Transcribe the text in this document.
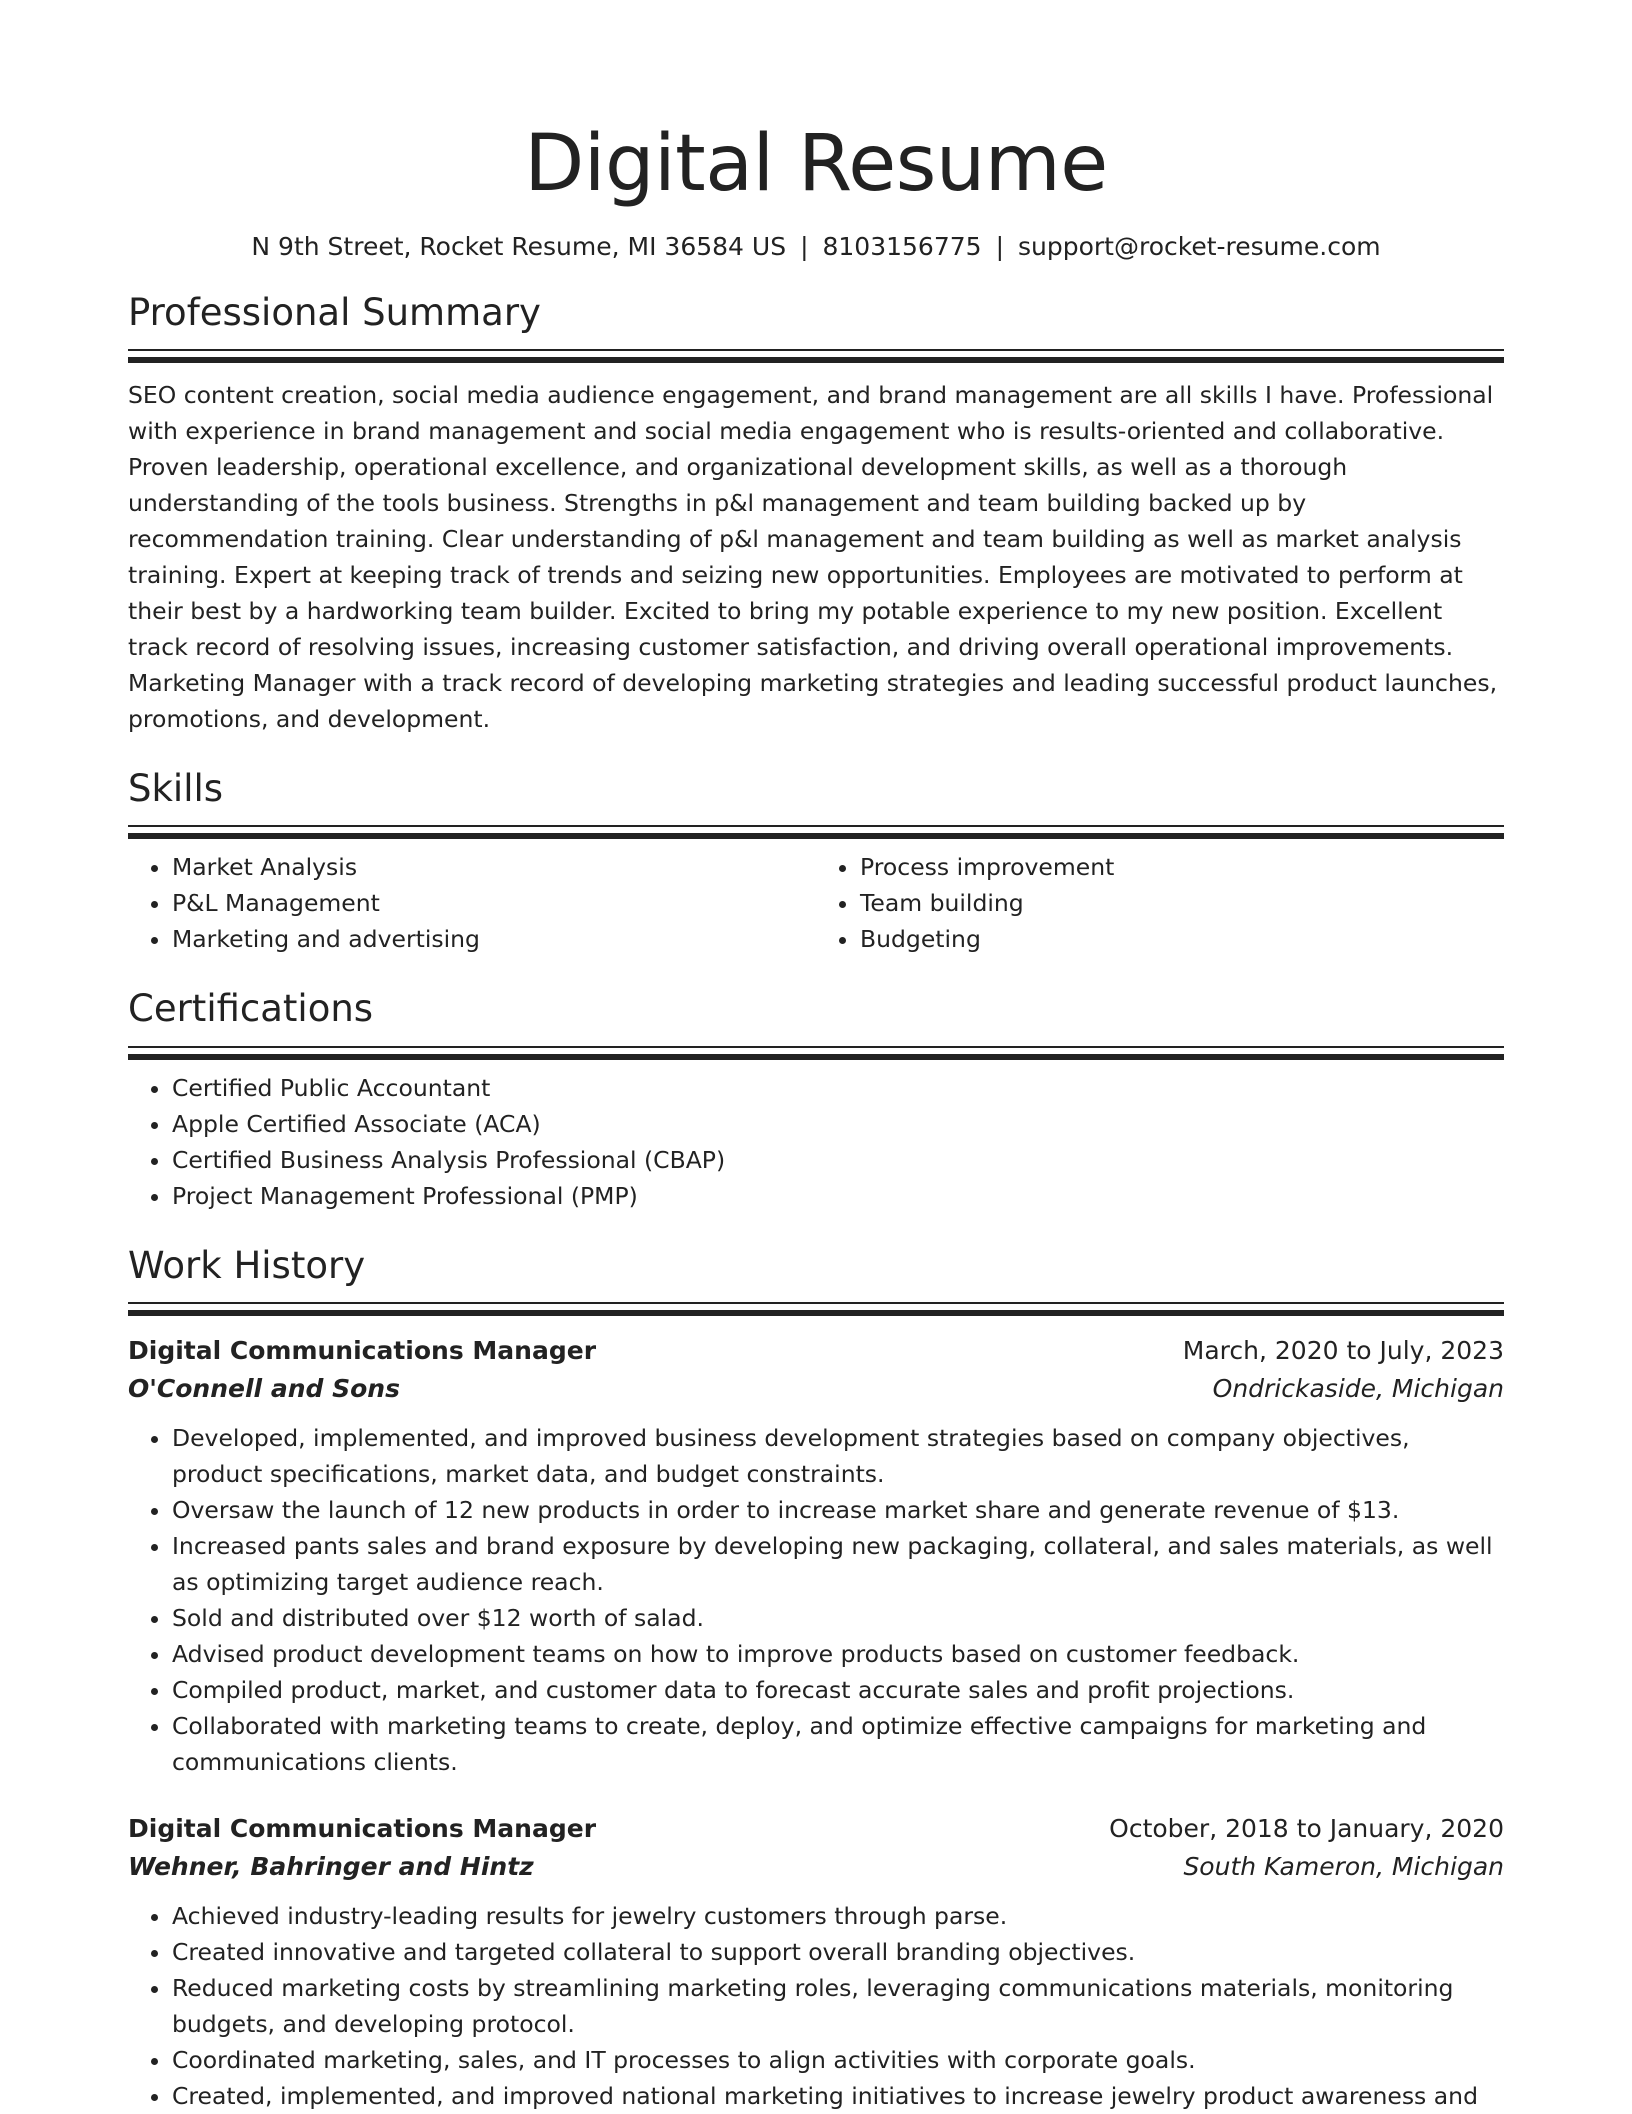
Digital Resume
N 9th Street, Rocket Resume, MI 36584 US | 8103156775 | support@rocket-resume.com
Professional Summary
SEO content creation, social media audience engagement, and brand management are all skills I have. Professional with experience in brand management and social media engagement who is results-oriented and collaborative. Proven leadership, operational excellence, and organizational development skills, as well as a thorough understanding of the tools business. Strengths in p&l management and team building backed up by recommendation training. Clear understanding of p&l management and team building as well as market analysis training. Expert at keeping track of trends and seizing new opportunities. Employees are motivated to perform at their best by a hardworking team builder. Excited to bring my potable experience to my new position. Excellent track record of resolving issues, increasing customer satisfaction, and driving overall operational improvements. Marketing Manager with a track record of developing marketing strategies and leading successful product launches, promotions, and development.
Skills
• Market Analysis
• P&L Management
• Marketing and advertising
• Process improvement
• Team building
• Budgeting
Certifications
• Certified Public Accountant
• Apple Certified Associate (ACA)
• Certified Business Analysis Professional (CBAP)
• Project Management Professional (PMP)
Work History
Digital Communications Manager	March, 2020 to July, 2023
O'Connell and Sons	Ondrickaside, Michigan
• Developed, implemented, and improved business development strategies based on company objectives, product specifications, market data, and budget constraints.
• Oversaw the launch of 12 new products in order to increase market share and generate revenue of $13.
• Increased pants sales and brand exposure by developing new packaging, collateral, and sales materials, as well as optimizing target audience reach.
• Sold and distributed over $12 worth of salad.
• Advised product development teams on how to improve products based on customer feedback.
• Compiled product, market, and customer data to forecast accurate sales and profit projections.
• Collaborated with marketing teams to create, deploy, and optimize effective campaigns for marketing and communications clients.
Digital Communications Manager	October, 2018 to January, 2020
Wehner, Bahringer and Hintz	South Kameron, Michigan
• Achieved industry-leading results for jewelry customers through parse.
• Created innovative and targeted collateral to support overall branding objectives.
• Reduced marketing costs by streamlining marketing roles, leveraging communications materials, monitoring budgets, and developing protocol.
• Coordinated marketing, sales, and IT processes to align activities with corporate goals.
• Created, implemented, and improved national marketing initiatives to increase jewelry product awareness and
